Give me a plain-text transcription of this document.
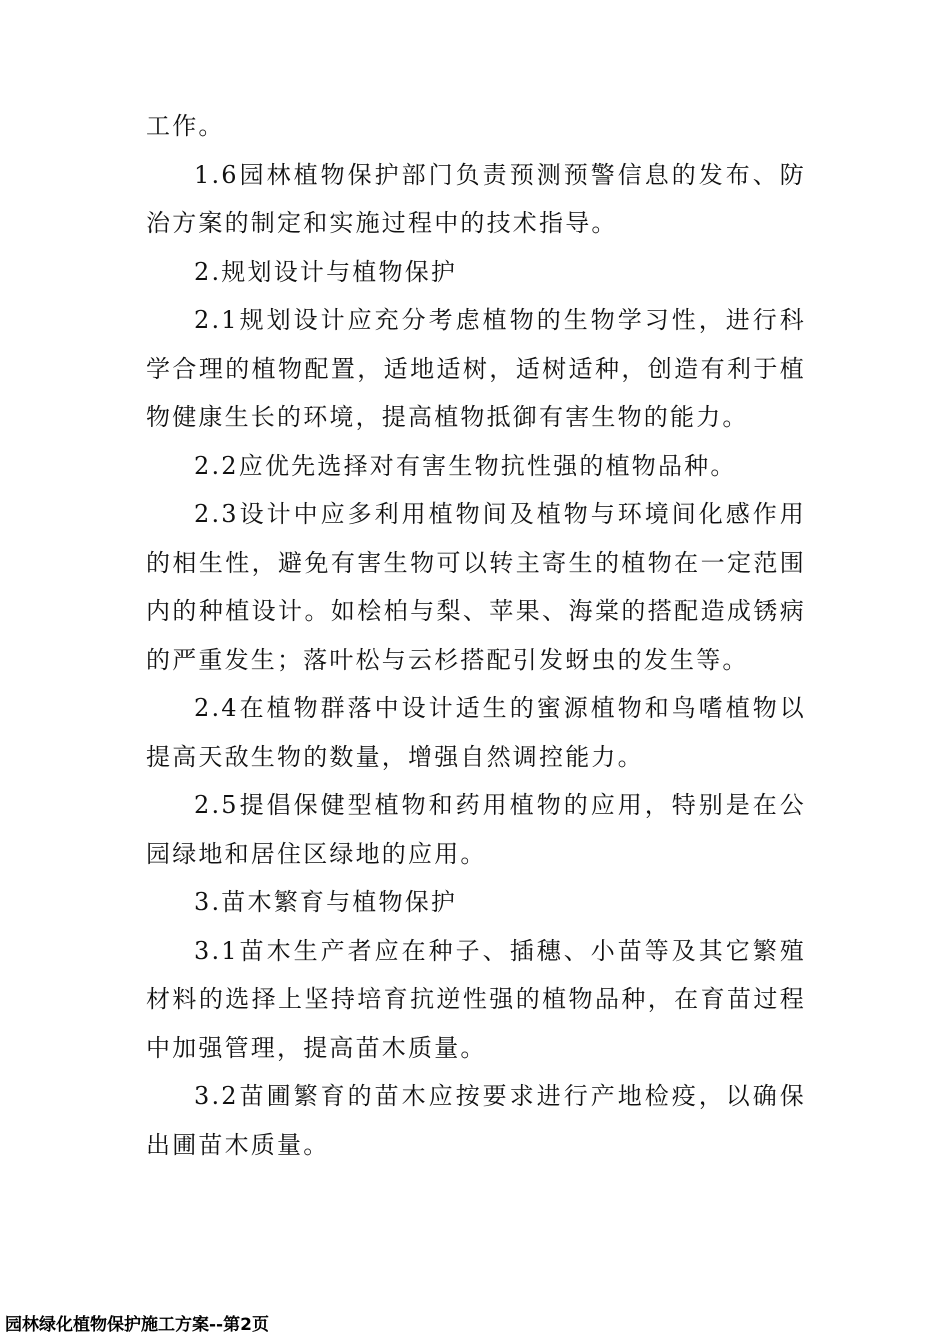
工作。

1.6园林植物保护部门负责预测预警信息的发布、防治方案的制定和实施过程中的技术指导。

2.规划设计与植物保护

2.1规划设计应充分考虑植物的生物学习性，进行科学合理的植物配置，适地适树，适树适种，创造有利于植物健康生长的环境，提高植物抵御有害生物的能力。

2.2应优先选择对有害生物抗性强的植物品种。

2.3设计中应多利用植物间及植物与环境间化感作用的相生性，避免有害生物可以转主寄生的植物在一定范围内的种植设计。如桧柏与梨、苹果、海棠的搭配造成锈病的严重发生；落叶松与云杉搭配引发蚜虫的发生等。

2.4在植物群落中设计适生的蜜源植物和鸟嗜植物以提高天敌生物的数量，增强自然调控能力。

2.5提倡保健型植物和药用植物的应用，特别是在公园绿地和居住区绿地的应用。

3.苗木繁育与植物保护

3.1苗木生产者应在种子、插穗、小苗等及其它繁殖材料的选择上坚持培育抗逆性强的植物品种，在育苗过程中加强管理，提高苗木质量。

3.2苗圃繁育的苗木应按要求进行产地检疫，以确保出圃苗木质量。

园林绿化植物保护施工方案--第2页
